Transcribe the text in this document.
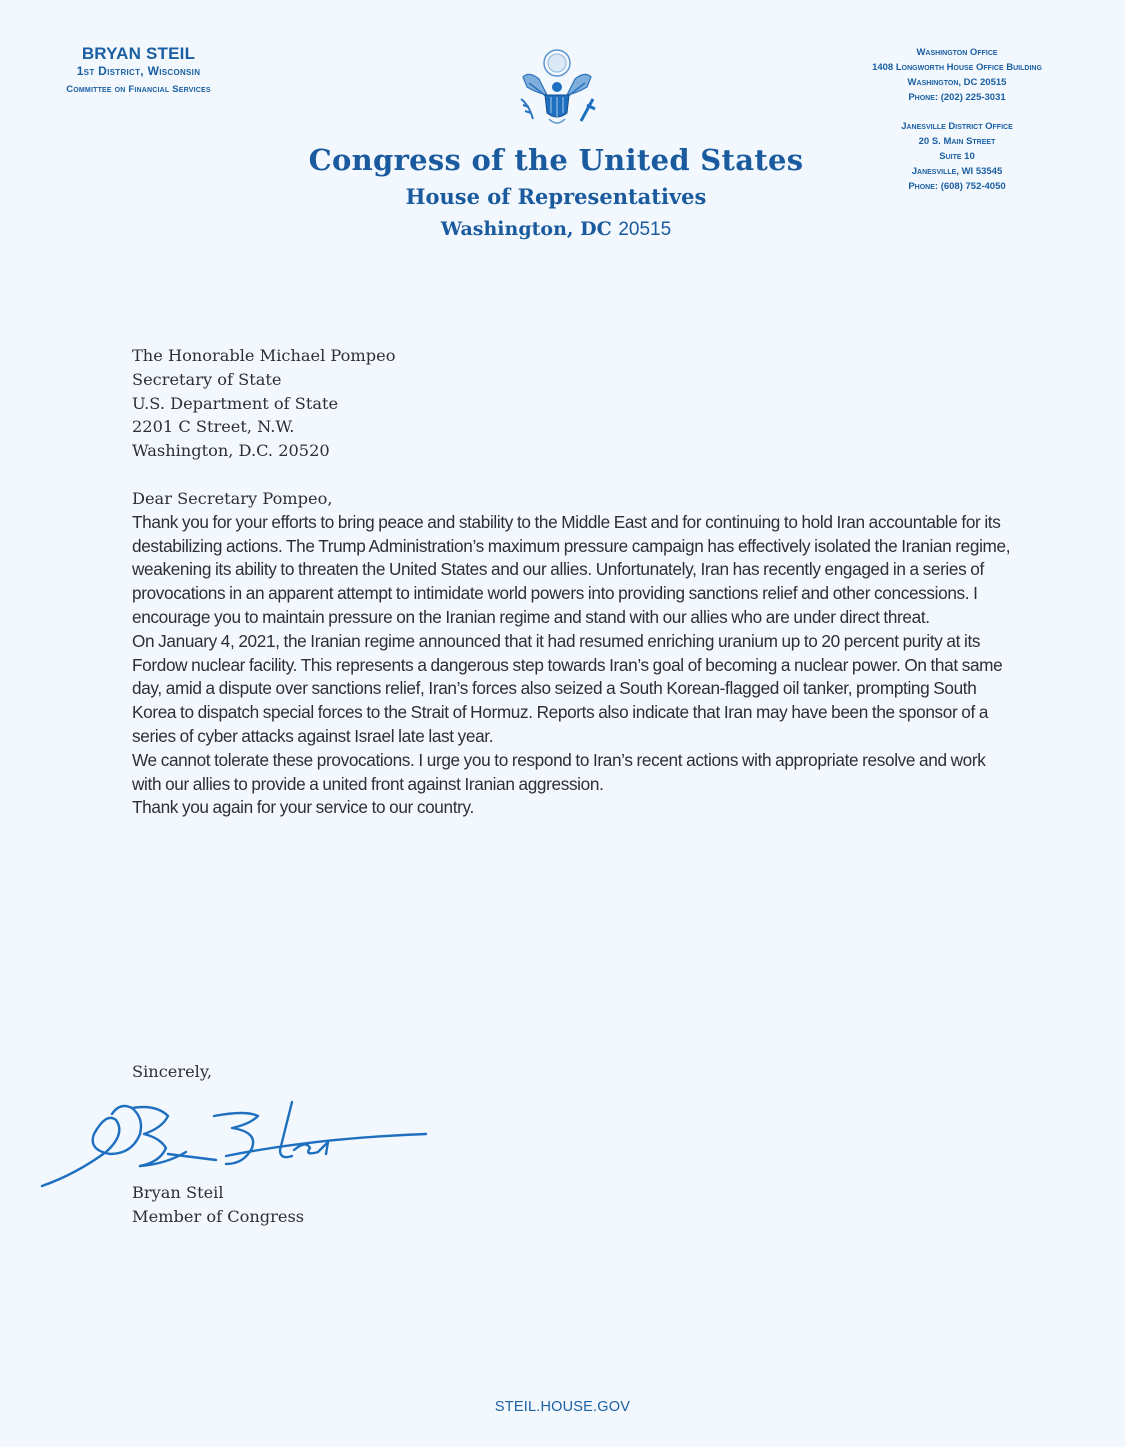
BRYAN STEIL
1st District, Wisconsin
Committee on Financial Services
Congress of the United States
House of Representatives
Washington, DC 20515
Washington Office
1408 Longworth House Office Building
Washington, DC 20515
Phone: (202) 225-3031
Janesville District Office
20 S. Main Street
Suite 10
Janesville, WI 53545
Phone: (608) 752-4050

The Honorable Michael Pompeo

Secretary of State

U.S. Department of State

2201 C Street, N.W.

Washington, D.C. 20520

Dear Secretary Pompeo,

Thank you for your efforts to bring peace and stability to the Middle East and for continuing to hold Iran accountable for its destabilizing actions. The Trump Administration’s maximum pressure campaign has effectively isolated the Iranian regime, weakening its ability to threaten the United States and our allies. Unfortunately, Iran has recently engaged in a series of provocations in an apparent attempt to intimidate world powers into providing sanctions relief and other concessions. I encourage you to maintain pressure on the Iranian regime and stand with our allies who are under direct threat.

On January 4, 2021, the Iranian regime announced that it had resumed enriching uranium up to 20 percent purity at its Fordow nuclear facility. This represents a dangerous step towards Iran’s goal of becoming a nuclear power. On that same day, amid a dispute over sanctions relief, Iran’s forces also seized a South Korean-flagged oil tanker, prompting South Korea to dispatch special forces to the Strait of Hormuz. Reports also indicate that Iran may have been the sponsor of a series of cyber attacks against Israel late last year.

We cannot tolerate these provocations. I urge you to respond to Iran’s recent actions with appropriate resolve and work with our allies to provide a united front against Iranian aggression.

Thank you again for your service to our country.

Sincerely,
Bryan Steil
Member of Congress
STEIL.HOUSE.GOV
